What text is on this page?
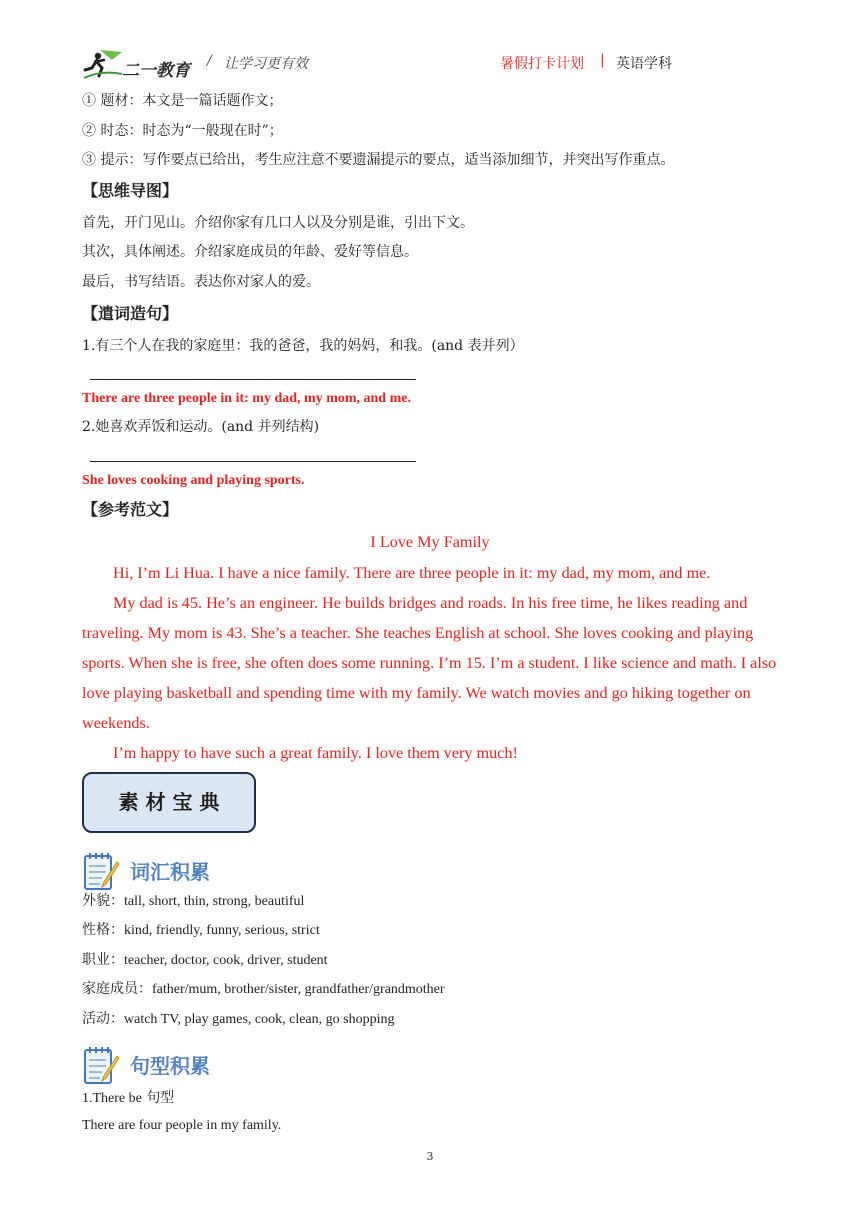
二一教育 / 让学习更有效	暑假打卡计划 | 英语学科
① 题材：本文是一篇话题作文；
② 时态：时态为“一般现在时”；
③ 提示：写作要点已给出，考生应注意不要遗漏提示的要点，适当添加细节，并突出写作重点。
【思维导图】
首先，开门见山。介绍你家有几口人以及分别是谁，引出下文。
其次，具体阐述。介绍家庭成员的年龄、爱好等信息。
最后，书写结语。表达你对家人的爱。
【遣词造句】
1.有三个人在我的家庭里：我的爸爸，我的妈妈，和我。(and 表并列）
There are three people in it: my dad, my mom, and me.
2.她喜欢弄饭和运动。(and 并列结构)
She loves cooking and playing sports.
【参考范文】
I Love My Family

Hi, I’m Li Hua. I have a nice family. There are three people in it: my dad, my mom, and me.

My dad is 45. He’s an engineer. He builds bridges and roads. In his free time, he likes reading and traveling. My mom is 43. She’s a teacher. She teaches English at school. She loves cooking and playing sports. When she is free, she often does some running. I’m 15. I’m a student. I like science and math. I also love playing basketball and spending time with my family. We watch movies and go hiking together on weekends.

I’m happy to have such a great family. I love them very much!

素 材 宝 典
词汇积累
外貌：tall, short, thin, strong, beautiful
性格：kind, friendly, funny, serious, strict
职业：teacher, doctor, cook, driver, student
家庭成员：father/mum, brother/sister, grandfather/grandmother
活动：watch TV, play games, cook, clean, go shopping
句型积累
1.There be 句型
There are four people in my family.
3
